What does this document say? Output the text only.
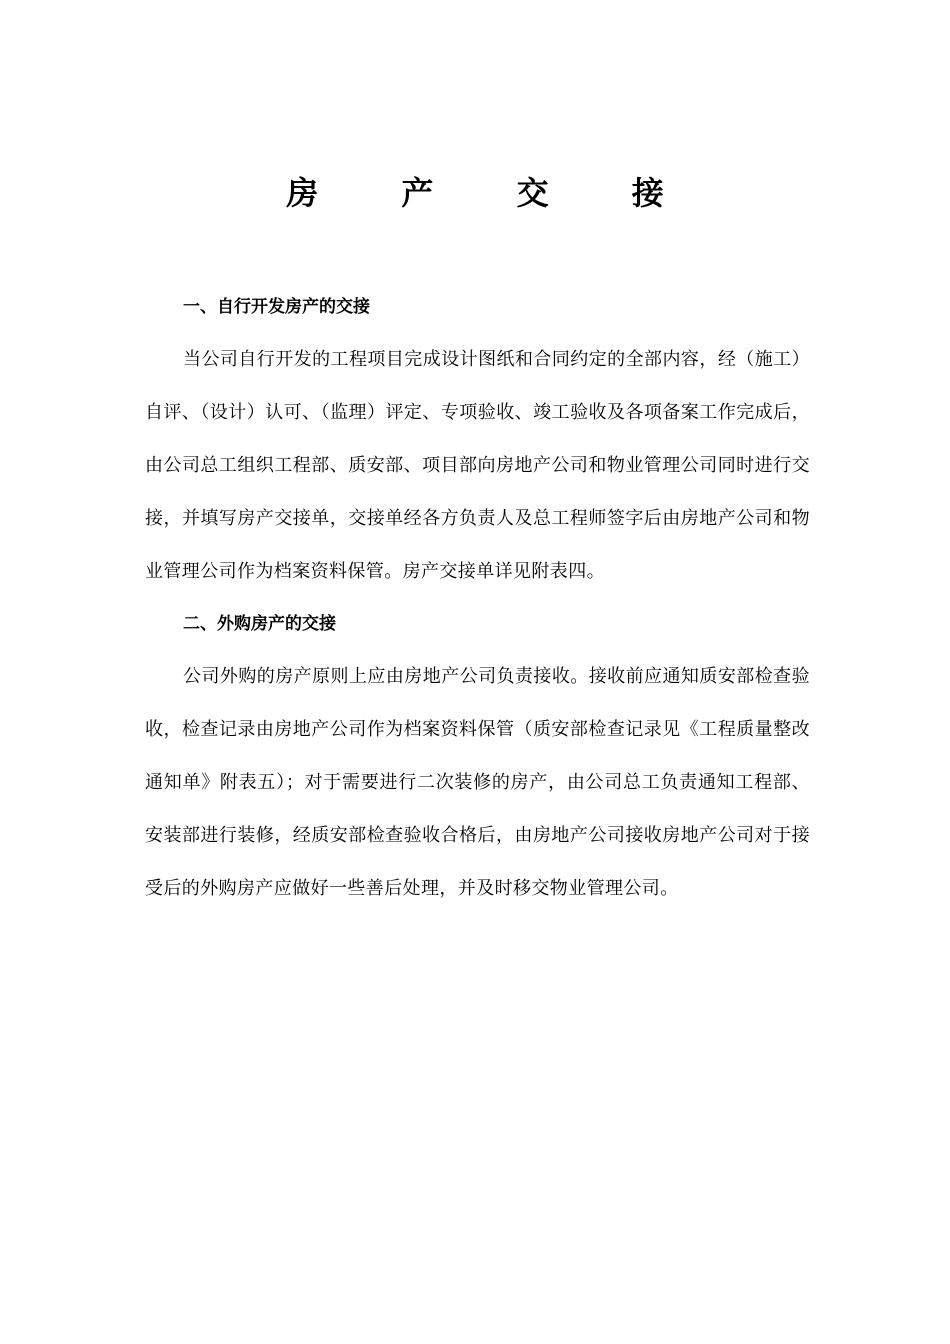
房 产 交 接
一、自行开发房产的交接

当公司自行开发的工程项目完成设计图纸和合同约定的全部内容，经（施工）自评、（设计）认可、（监理）评定、专项验收、竣工验收及各项备案工作完成后，由公司总工组织工程部、质安部、项目部向房地产公司和物业管理公司同时进行交接，并填写房产交接单，交接单经各方负责人及总工程师签字后由房地产公司和物业管理公司作为档案资料保管。房产交接单详见附表四。

二、外购房产的交接

公司外购的房产原则上应由房地产公司负责接收。接收前应通知质安部检查验收，检查记录由房地产公司作为档案资料保管（质安部检查记录见《工程质量整改通知单》附表五）；对于需要进行二次装修的房产，由公司总工负责通知工程部、安装部进行装修，经质安部检查验收合格后，由房地产公司接收房地产公司对于接受后的外购房产应做好一些善后处理，并及时移交物业管理公司。
